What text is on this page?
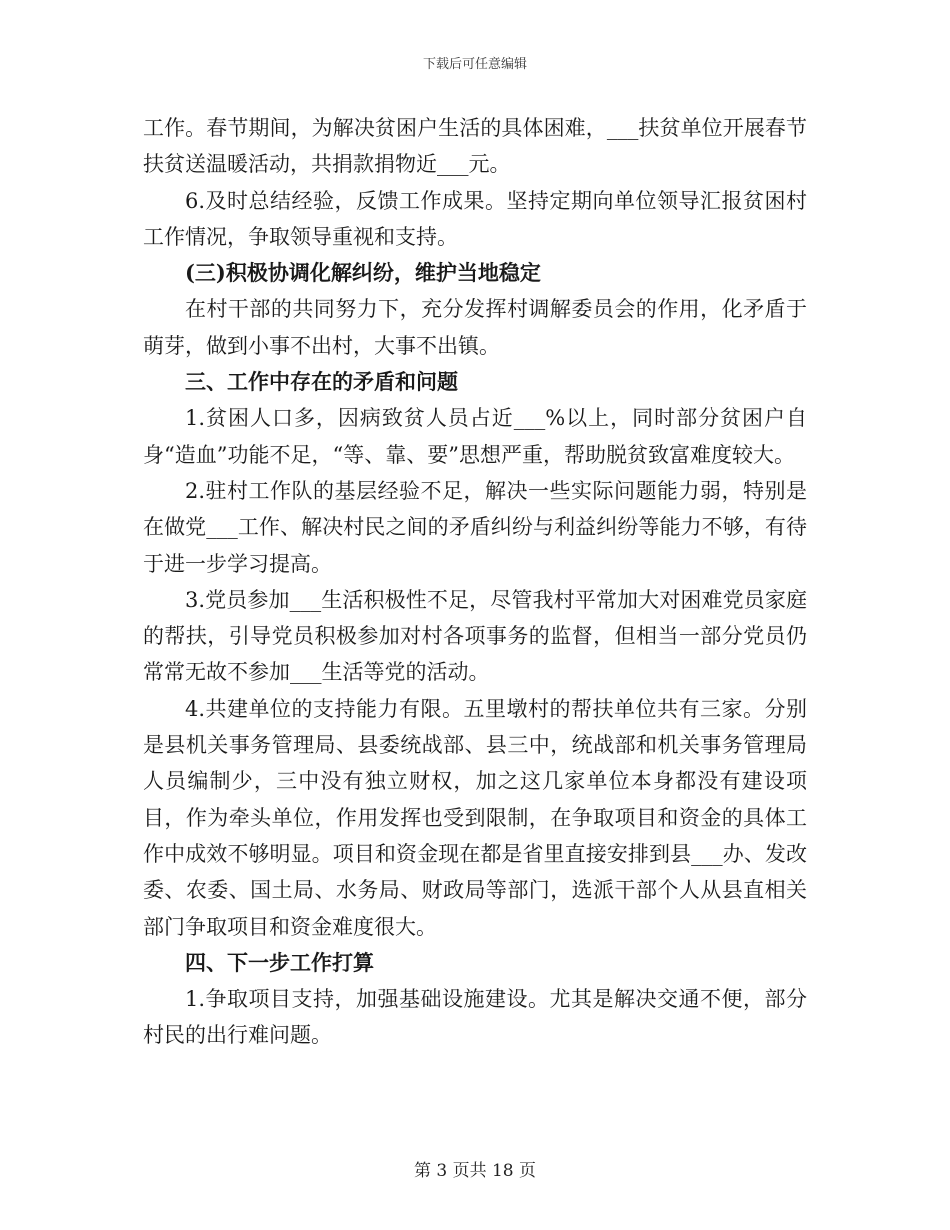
下载后可任意编辑

工作。春节期间，为解决贫困户生活的具体困难，___扶贫单位开展春节扶贫送温暖活动，共捐款捐物近___元。

6.及时总结经验，反馈工作成果。坚持定期向单位领导汇报贫困村工作情况，争取领导重视和支持。

(三)积极协调化解纠纷，维护当地稳定

在村干部的共同努力下，充分发挥村调解委员会的作用，化矛盾于萌芽，做到小事不出村，大事不出镇。

三、工作中存在的矛盾和问题

1.贫困人口多，因病致贫人员占近___%以上，同时部分贫困户自身“造血”功能不足，“等、靠、要”思想严重，帮助脱贫致富难度较大。

2.驻村工作队的基层经验不足，解决一些实际问题能力弱，特别是在做党___工作、解决村民之间的矛盾纠纷与利益纠纷等能力不够，有待于进一步学习提高。

3.党员参加___生活积极性不足，尽管我村平常加大对困难党员家庭的帮扶，引导党员积极参加对村各项事务的监督，但相当一部分党员仍常常无故不参加___生活等党的活动。

4.共建单位的支持能力有限。五里墩村的帮扶单位共有三家。分别是县机关事务管理局、县委统战部、县三中，统战部和机关事务管理局人员编制少，三中没有独立财权，加之这几家单位本身都没有建设项目，作为牵头单位，作用发挥也受到限制，在争取项目和资金的具体工作中成效不够明显。项目和资金现在都是省里直接安排到县___办、发改委、农委、国土局、水务局、财政局等部门，选派干部个人从县直相关部门争取项目和资金难度很大。

四、下一步工作打算

1.争取项目支持，加强基础设施建设。尤其是解决交通不便，部分村民的出行难问题。

第 3 页共 18 页
